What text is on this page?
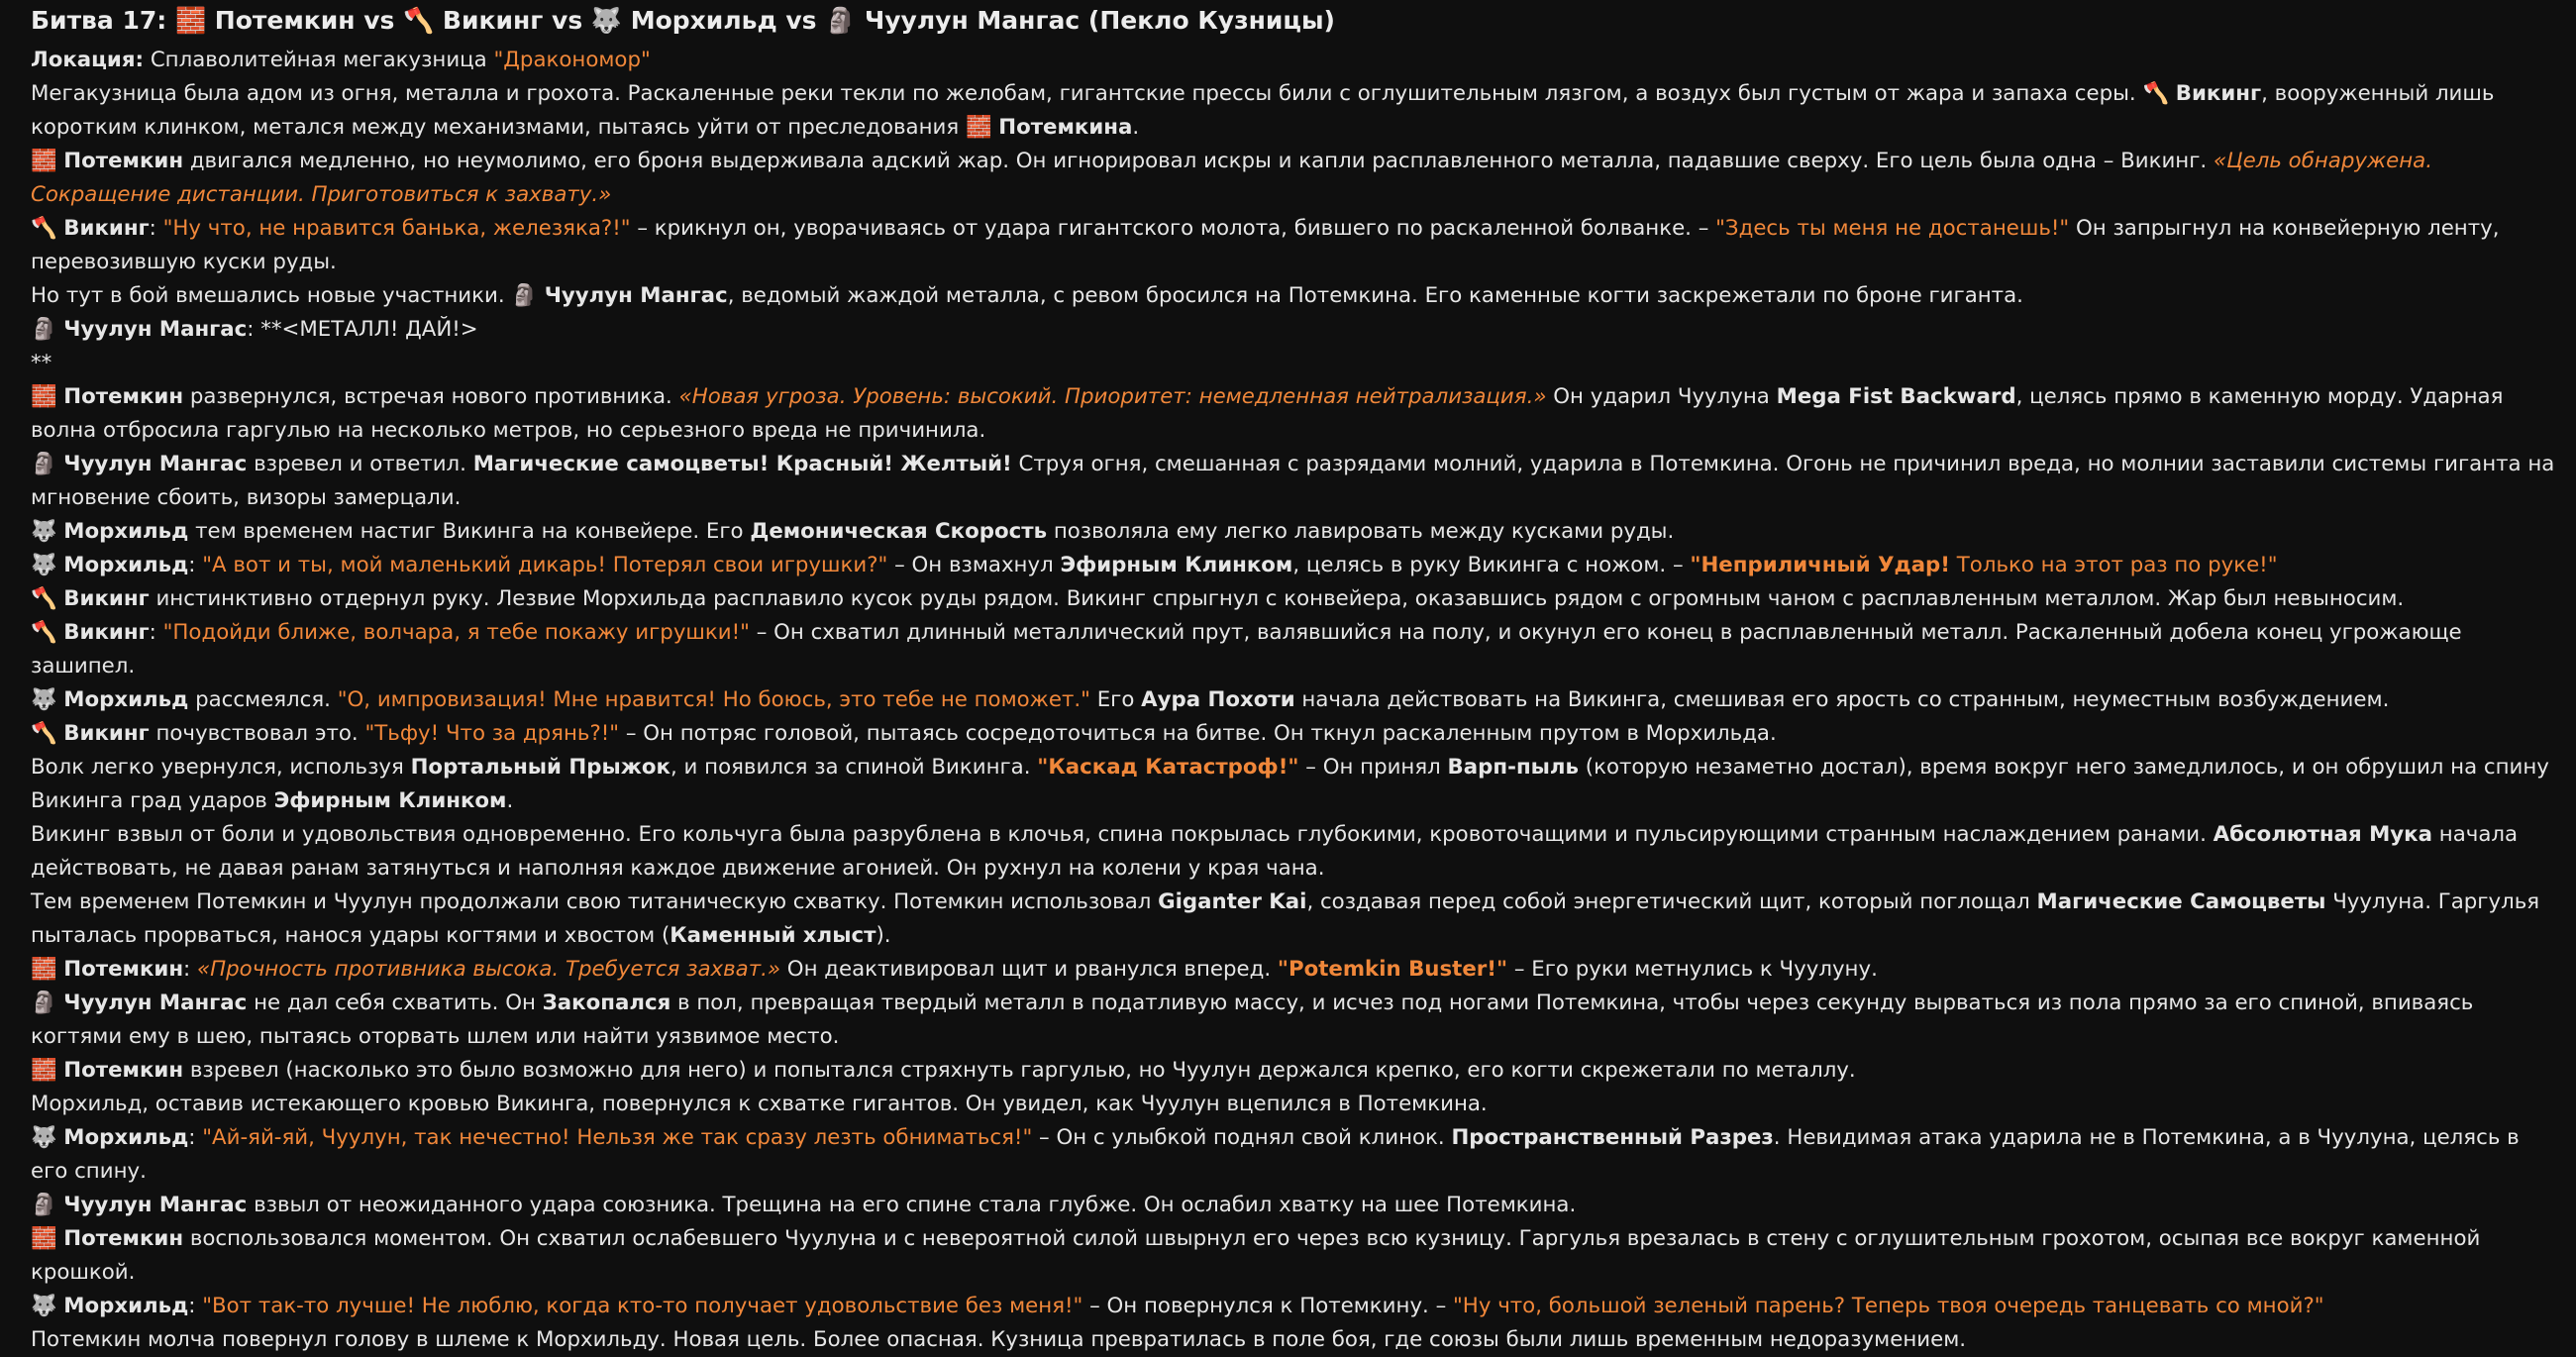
Битва 17: 🧱 Потемкин vs 🪓 Викинг vs 🐺 Морхильд vs 🗿 Чуулун Мангас (Пекло Кузницы)

Локация: Сплаволитейная мегакузница "Дракономор"

Мегакузница была адом из огня, металла и грохота. Раскаленные реки текли по желобам, гигантские прессы били с оглушительным лязгом, а воздух был густым от жара и запаха серы. 🪓 Викинг, вооруженный лишь коротким клинком, метался между механизмами, пытаясь уйти от преследования 🧱 Потемкина.

🧱 Потемкин двигался медленно, но неумолимо, его броня выдерживала адский жар. Он игнорировал искры и капли расплавленного металла, падавшие сверху. Его цель была одна – Викинг. «Цель обнаружена. Сокращение дистанции. Приготовиться к захвату.»

🪓 Викинг: "Ну что, не нравится банька, железяка?!" – крикнул он, уворачиваясь от удара гигантского молота, бившего по раскаленной болванке. – "Здесь ты меня не достанешь!" Он запрыгнул на конвейерную ленту, перевозившую куски руды.

Но тут в бой вмешались новые участники. 🗿 Чуулун Мангас, ведомый жаждой металла, с ревом бросился на Потемкина. Его каменные когти заскрежетали по броне гиганта.

🗿 Чуулун Мангас: **<МЕТАЛЛ! ДАЙ!>

**

🧱 Потемкин развернулся, встречая нового противника. «Новая угроза. Уровень: высокий. Приоритет: немедленная нейтрализация.» Он ударил Чуулуна Mega Fist Backward, целясь прямо в каменную морду. Ударная волна отбросила гаргулью на несколько метров, но серьезного вреда не причинила.

🗿 Чуулун Мангас взревел и ответил. Магические самоцветы! Красный! Желтый! Струя огня, смешанная с разрядами молний, ударила в Потемкина. Огонь не причинил вреда, но молнии заставили системы гиганта на мгновение сбоить, визоры замерцали.

🐺 Морхильд тем временем настиг Викинга на конвейере. Его Демоническая Скорость позволяла ему легко лавировать между кусками руды.

🐺 Морхильд: "А вот и ты, мой маленький дикарь! Потерял свои игрушки?" – Он взмахнул Эфирным Клинком, целясь в руку Викинга с ножом. – "Неприличный Удар! Только на этот раз по руке!"

🪓 Викинг инстинктивно отдернул руку. Лезвие Морхильда расплавило кусок руды рядом. Викинг спрыгнул с конвейера, оказавшись рядом с огромным чаном с расплавленным металлом. Жар был невыносим.

🪓 Викинг: "Подойди ближе, волчара, я тебе покажу игрушки!" – Он схватил длинный металлический прут, валявшийся на полу, и окунул его конец в расплавленный металл. Раскаленный добела конец угрожающе зашипел.

🐺 Морхильд рассмеялся. "О, импровизация! Мне нравится! Но боюсь, это тебе не поможет." Его Аура Похоти начала действовать на Викинга, смешивая его ярость со странным, неуместным возбуждением.

🪓 Викинг почувствовал это. "Тьфу! Что за дрянь?!" – Он потряс головой, пытаясь сосредоточиться на битве. Он ткнул раскаленным прутом в Морхильда.

Волк легко увернулся, используя Портальный Прыжок, и появился за спиной Викинга. "Каскад Катастроф!" – Он принял Варп-пыль (которую незаметно достал), время вокруг него замедлилось, и он обрушил на спину Викинга град ударов Эфирным Клинком.

Викинг взвыл от боли и удовольствия одновременно. Его кольчуга была разрублена в клочья, спина покрылась глубокими, кровоточащими и пульсирующими странным наслаждением ранами. Абсолютная Мука начала действовать, не давая ранам затянуться и наполняя каждое движение агонией. Он рухнул на колени у края чана.

Тем временем Потемкин и Чуулун продолжали свою титаническую схватку. Потемкин использовал Giganter Kai, создавая перед собой энергетический щит, который поглощал Магические Самоцветы Чуулуна. Гаргулья пыталась прорваться, нанося удары когтями и хвостом (Каменный хлыст).

🧱 Потемкин: «Прочность противника высока. Требуется захват.» Он деактивировал щит и рванулся вперед. "Potemkin Buster!" – Его руки метнулись к Чуулуну.

🗿 Чуулун Мангас не дал себя схватить. Он Закопался в пол, превращая твердый металл в податливую массу, и исчез под ногами Потемкина, чтобы через секунду вырваться из пола прямо за его спиной, впиваясь когтями ему в шею, пытаясь оторвать шлем или найти уязвимое место.

🧱 Потемкин взревел (насколько это было возможно для него) и попытался стряхнуть гаргулью, но Чуулун держался крепко, его когти скрежетали по металлу.

Морхильд, оставив истекающего кровью Викинга, повернулся к схватке гигантов. Он увидел, как Чуулун вцепился в Потемкина.

🐺 Морхильд: "Ай-яй-яй, Чуулун, так нечестно! Нельзя же так сразу лезть обниматься!" – Он с улыбкой поднял свой клинок. Пространственный Разрез. Невидимая атака ударила не в Потемкина, а в Чуулуна, целясь в его спину.

🗿 Чуулун Мангас взвыл от неожиданного удара союзника. Трещина на его спине стала глубже. Он ослабил хватку на шее Потемкина.

🧱 Потемкин воспользовался моментом. Он схватил ослабевшего Чуулуна и с невероятной силой швырнул его через всю кузницу. Гаргулья врезалась в стену с оглушительным грохотом, осыпая все вокруг каменной крошкой.

🐺 Морхильд: "Вот так-то лучше! Не люблю, когда кто-то получает удовольствие без меня!" – Он повернулся к Потемкину. – "Ну что, большой зеленый парень? Теперь твоя очередь танцевать со мной?"

Потемкин молча повернул голову в шлеме к Морхильду. Новая цель. Более опасная. Кузница превратилась в поле боя, где союзы были лишь временным недоразумением.
